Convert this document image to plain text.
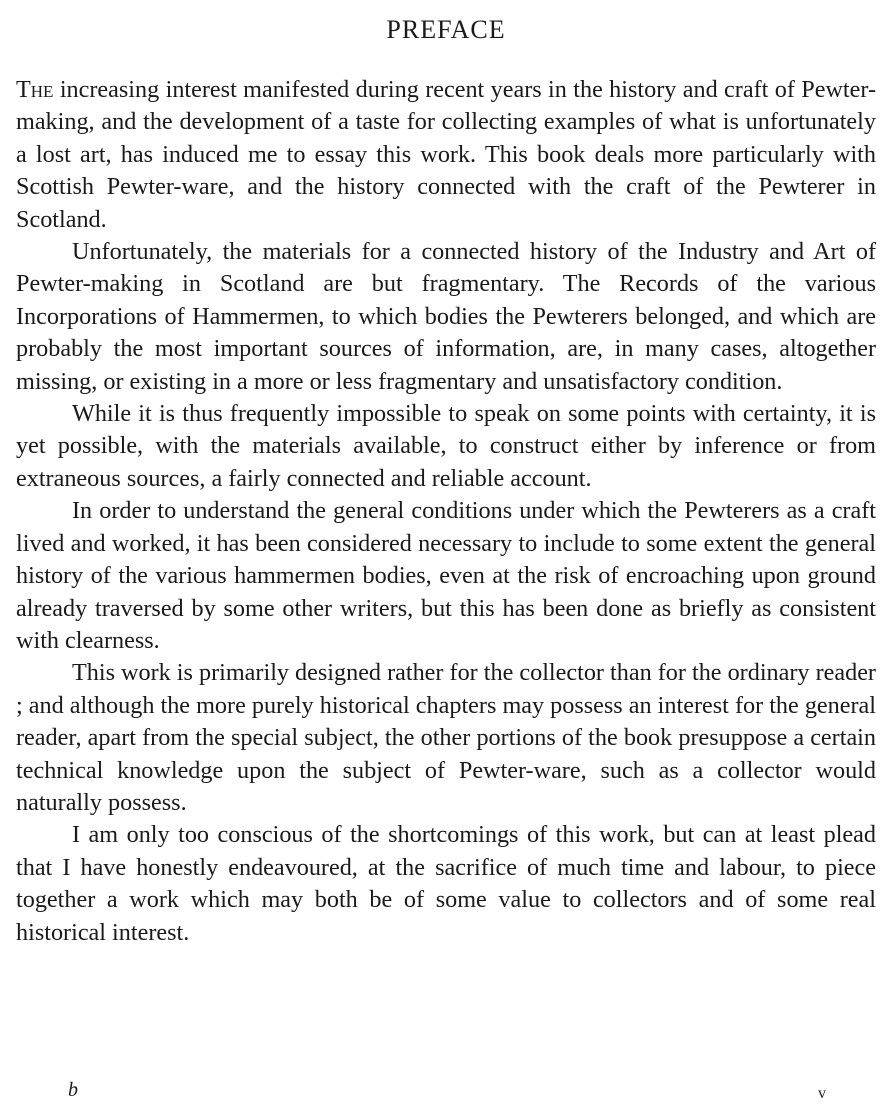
PREFACE

The increasing interest manifested during recent years in the history and craft of Pewter-making, and the development of a taste for collecting examples of what is unfortunately a lost art, has induced me to essay this work. This book deals more particularly with Scottish Pewter-ware, and the history connected with the craft of the Pewterer in Scotland.

Unfortunately, the materials for a connected history of the Industry and Art of Pewter-making in Scotland are but fragmentary. The Records of the various Incorporations of Hammermen, to which bodies the Pewterers belonged, and which are probably the most important sources of information, are, in many cases, altogether missing, or existing in a more or less fragmentary and unsatisfactory condition.

While it is thus frequently impossible to speak on some points with certainty, it is yet possible, with the materials available, to construct either by inference or from extraneous sources, a fairly connected and reliable account.

In order to understand the general conditions under which the Pewterers as a craft lived and worked, it has been considered necessary to include to some extent the general history of the various hammermen bodies, even at the risk of encroaching upon ground already traversed by some other writers, but this has been done as briefly as consistent with clearness.

This work is primarily designed rather for the collector than for the ordinary reader ; and although the more purely historical chapters may possess an interest for the general reader, apart from the special subject, the other portions of the book presuppose a certain technical knowledge upon the subject of Pewter-ware, such as a collector would naturally possess.

I am only too conscious of the shortcomings of this work, but can at least plead that I have honestly endeavoured, at the sacrifice of much time and labour, to piece together a work which may both be of some value to collectors and of some real historical interest.

b	v
